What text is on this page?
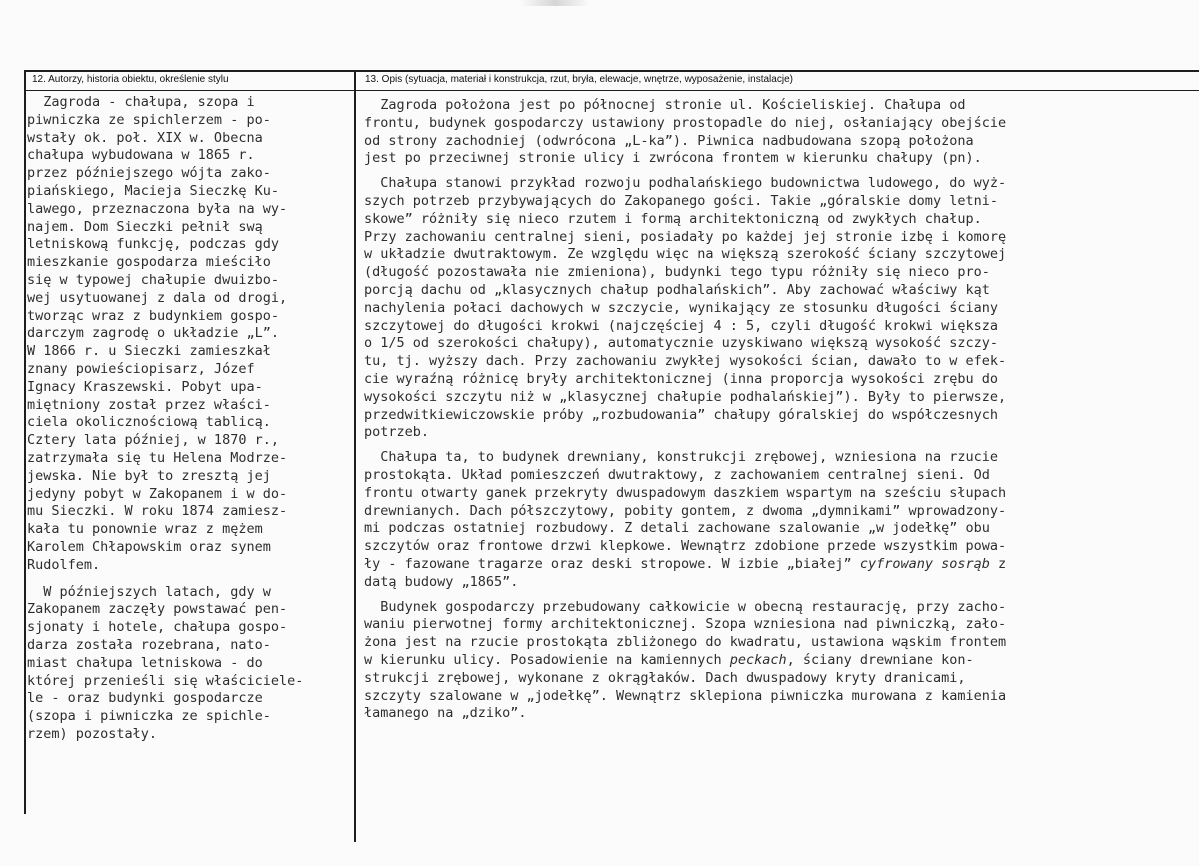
12. Autorzy, historia obiektu, określenie stylu	13. Opis (sytuacja, materiał i konstrukcja, rzut, bryła, elewacje, wnętrze, wyposażenie, instalacje)
Zagroda - chałupa, szopa i
piwniczka ze spichlerzem - po-
wstały ok. poł. XIX w. Obecna
chałupa wybudowana w 1865 r.
przez późniejszego wójta zako-
piańskiego, Macieja Sieczkę Ku-
lawego, przeznaczona była na wy-
najem. Dom Sieczki pełnił swą
letniskową funkcję, podczas gdy
mieszkanie gospodarza mieściło
się w typowej chałupie dwuizbo-
wej usytuowanej z dala od drogi,
tworząc wraz z budynkiem gospo-
darczym zagrodę o układzie „L”.
W 1866 r. u Sieczki zamieszkał
znany powieściopisarz, Józef
Ignacy Kraszewski. Pobyt upa-
miętniony został przez właści-
ciela okolicznościową tablicą.
Cztery lata później, w 1870 r.,
zatrzymała się tu Helena Modrze-
jewska. Nie był to zresztą jej
jedyny pobyt w Zakopanem i w do-
mu Sieczki. W roku 1874 zamiesz-
kała tu ponownie wraz z mężem
Karolem Chłapowskim oraz synem
Rudolfem.
W późniejszych latach, gdy w
Zakopanem zaczęły powstawać pen-
sjonaty i hotele, chałupa gospo-
darza została rozebrana, nato-
miast chałupa letniskowa - do
której przenieśli się właściciele-
le - oraz budynki gospodarcze
(szopa i piwniczka ze spichle-
rzem) pozostały.
Zagroda położona jest po północnej stronie ul. Kościeliskiej. Chałupa od
frontu, budynek gospodarczy ustawiony prostopadle do niej, osłaniający obejście
od strony zachodniej (odwrócona „L-ka”). Piwnica nadbudowana szopą położona
jest po przeciwnej stronie ulicy i zwrócona frontem w kierunku chałupy (pn).
Chałupa stanowi przykład rozwoju podhalańskiego budownictwa ludowego, do wyż-
szych potrzeb przybywających do Zakopanego gości. Takie „góralskie domy letni-
skowe” różniły się nieco rzutem i formą architektoniczną od zwykłych chałup.
Przy zachowaniu centralnej sieni, posiadały po każdej jej stronie izbę i komorę
w układzie dwutraktowym. Ze względu więc na większą szerokość ściany szczytowej
(długość pozostawała nie zmieniona), budynki tego typu różniły się nieco pro-
porcją dachu od „klasycznych chałup podhalańskich”. Aby zachować właściwy kąt
nachylenia połaci dachowych w szczycie, wynikający ze stosunku długości ściany
szczytowej do długości krokwi (najczęściej 4 : 5, czyli długość krokwi większa
o 1/5 od szerokości chałupy), automatycznie uzyskiwano większą wysokość szczy-
tu, tj. wyższy dach. Przy zachowaniu zwykłej wysokości ścian, dawało to w efek-
cie wyraźną różnicę bryły architektonicznej (inna proporcja wysokości zrębu do
wysokości szczytu niż w „klasycznej chałupie podhalańskiej”). Były to pierwsze,
przedwitkiewiczowskie próby „rozbudowania” chałupy góralskiej do współczesnych
potrzeb.
Chałupa ta, to budynek drewniany, konstrukcji zrębowej, wzniesiona na rzucie
prostokąta. Układ pomieszczeń dwutraktowy, z zachowaniem centralnej sieni. Od
frontu otwarty ganek przekryty dwuspadowym daszkiem wspartym na sześciu słupach
drewnianych. Dach półszczytowy, pobity gontem, z dwoma „dymnikami” wprowadzony-
mi podczas ostatniej rozbudowy. Z detali zachowane szalowanie „w jodełkę” obu
szczytów oraz frontowe drzwi klepkowe. Wewnątrz zdobione przede wszystkim powa-
ły - fazowane tragarze oraz deski stropowe. W izbie „białej” cyfrowany sosrąb z
datą budowy „1865”.
Budynek gospodarczy przebudowany całkowicie w obecną restaurację, przy zacho-
waniu pierwotnej formy architektonicznej. Szopa wzniesiona nad piwniczką, zało-
żona jest na rzucie prostokąta zbliżonego do kwadratu, ustawiona wąskim frontem
w kierunku ulicy. Posadowienie na kamiennych peckach, ściany drewniane kon-
strukcji zrębowej, wykonane z okrągłaków. Dach dwuspadowy kryty dranicami,
szczyty szalowane w „jodełkę”. Wewnątrz sklepiona piwniczka murowana z kamienia
łamanego na „dziko”.
